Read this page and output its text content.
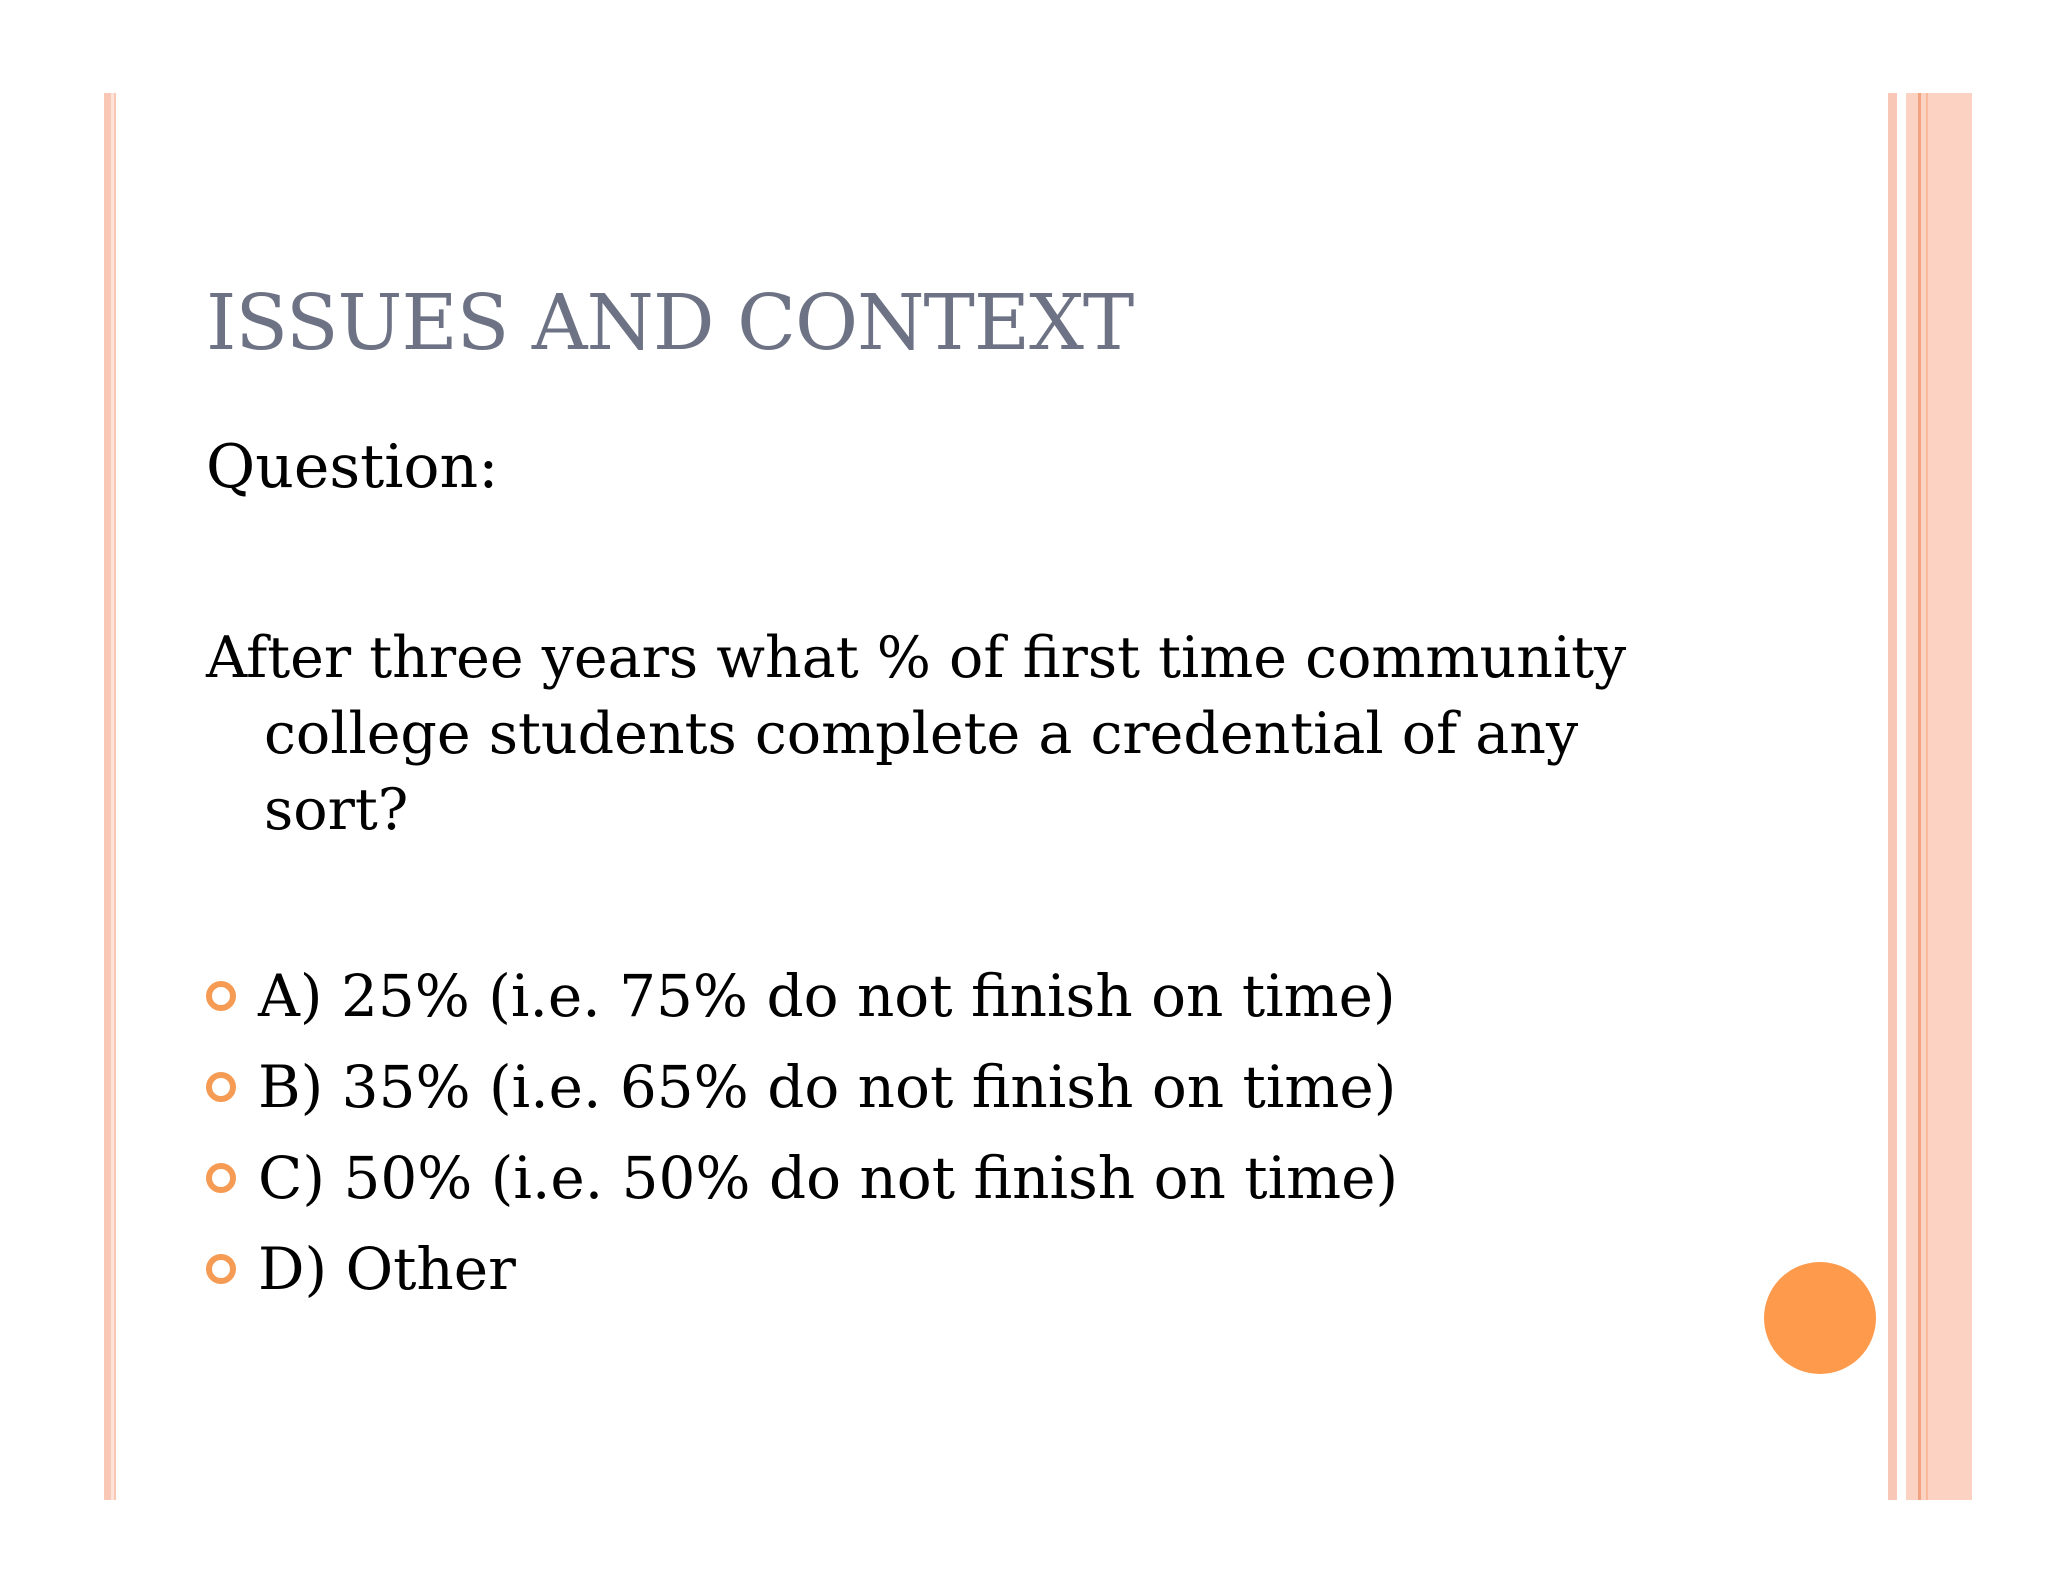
ISSUES AND CONTEXT
Question:
After three years what % of first time community
college students complete a credential of any
sort?
A) 25% (i.e. 75% do not finish on time)
B) 35% (i.e. 65% do not finish on time)
C) 50% (i.e. 50% do not finish on time)
D) Other
